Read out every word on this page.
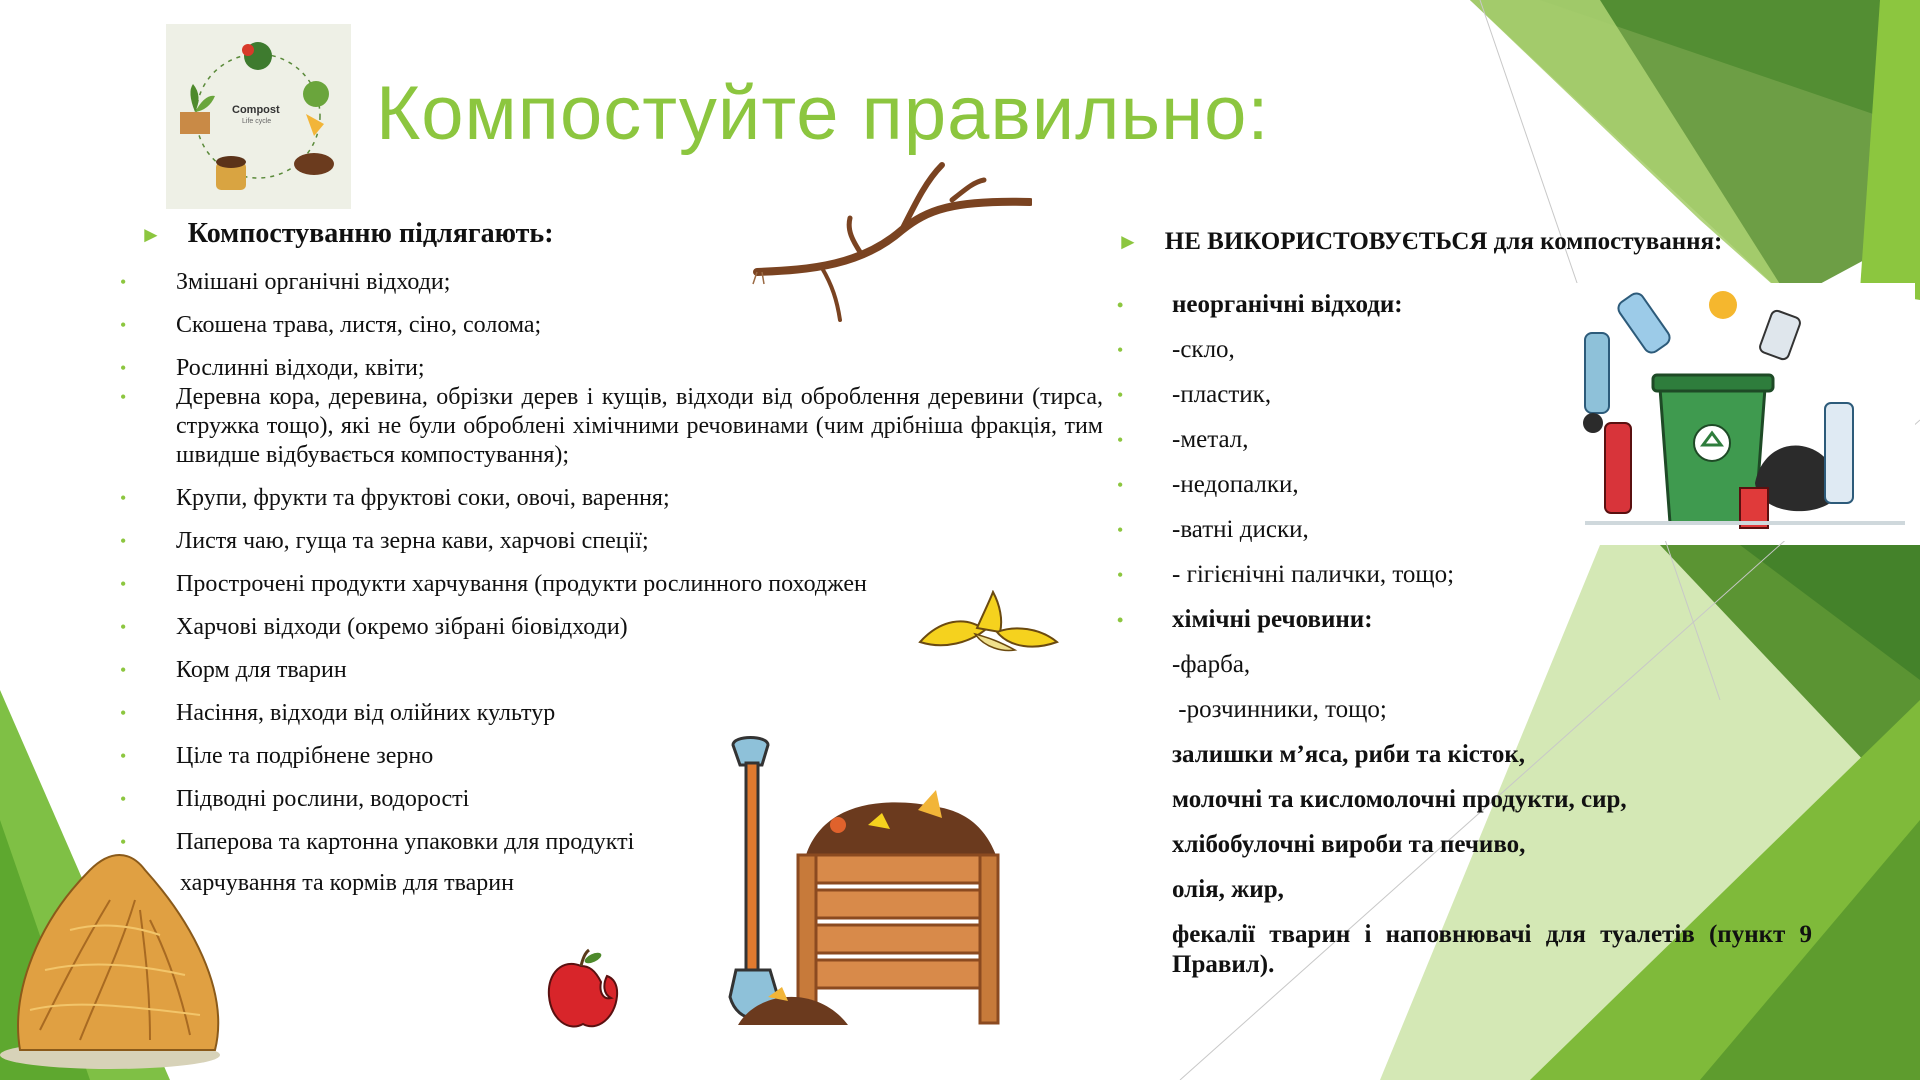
Compost
Life cycle Компостуйте правильно:
► Компостуванню підлягають:
• Змішані органічні відходи;
• Скошена трава, листя, сіно, солома;
• Рослинні відходи, квіти;
• Деревна кора, деревина, обрізки дерев і кущів, відходи від оброблення деревини (тирса, стружка тощо), які не були оброблені хімічними речовинами (чим дрібніша фракція, тим швидше відбувається компостування);
• Крупи, фрукти та фруктові соки, овочі, варення;
• Листя чаю, гуща та зерна кави, харчові спеції;
• Прострочені продукти харчування (продукти рослинного походжен
• Харчові відходи (окремо зібрані біовідходи)
• Корм для тварин
• Насіння, відходи від олійних культур
• Ціле та подрібнене зерно
• Підводні рослини, водорості
• Паперова та картонна упаковки для продукті
харчування та кормів для тварин
► НЕ ВИКОРИСТОВУЄТЬСЯ для компостування:
• неорганічні відходи:
• -скло,
• -пластик,
• -метал,
• -недопалки,
• -ватні диски,
• - гігієнічні палички, тощо;
• хімічні речовини:
-фарба,
-розчинники, тощо;
залишки м’яса, риби та кісток,
молочні та кисломолочні продукти, сир,
хлібобулочні вироби та печиво,
олія, жир,
фекалії тварин і наповнювачі для туалетів (пункт 9 Правил).
